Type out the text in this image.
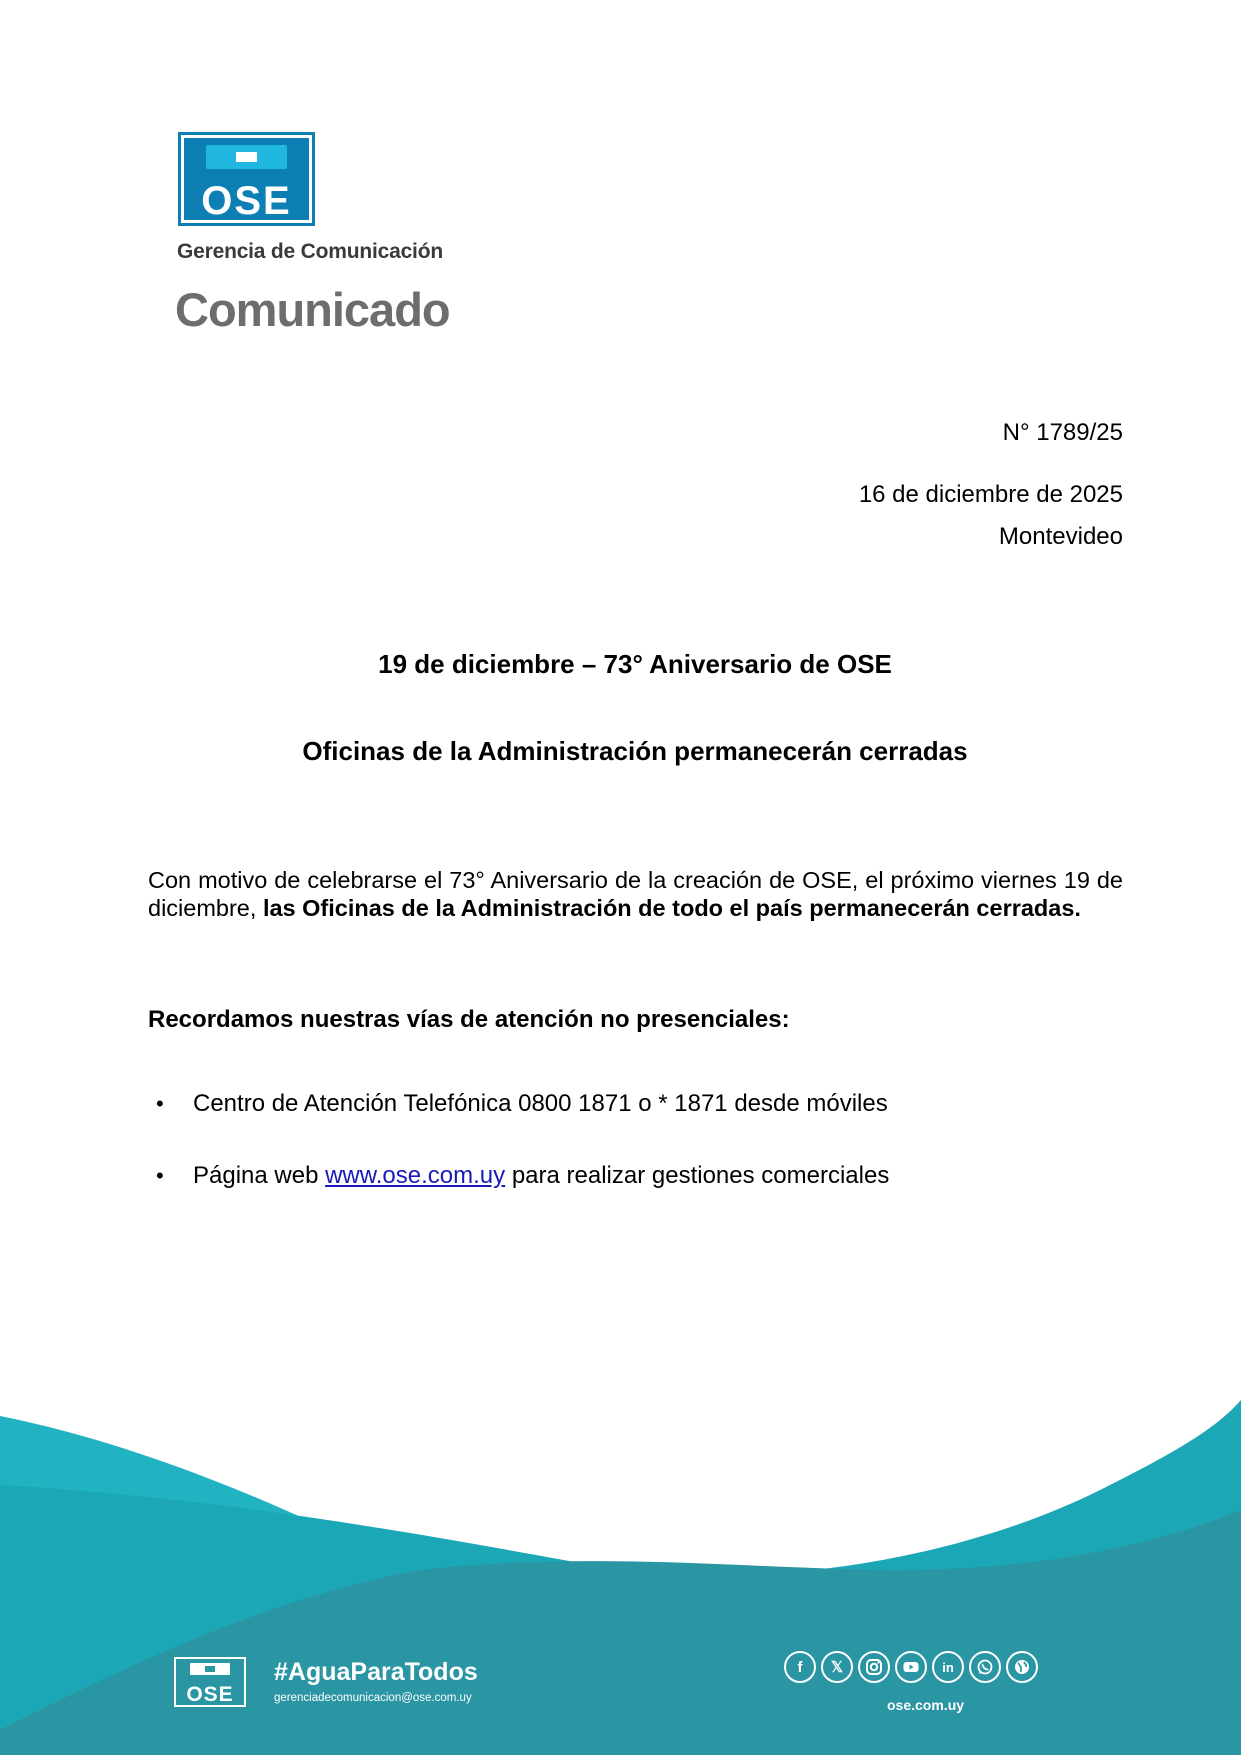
OSE
Gerencia de Comunicación
Comunicado
N° 1789/25
16 de diciembre de 2025
Montevideo
19 de diciembre – 73° Aniversario de OSE
Oficinas de la Administración permanecerán cerradas
Con motivo de celebrarse el 73° Aniversario de la creación de OSE, el próximo viernes 19 de diciembre, las Oficinas de la Administración de todo el país permanecerán cerradas.
Recordamos nuestras vías de atención no presenciales:
• Centro de Atención Telefónica 0800 1871 o * 1871 desde móviles
• Página web www.ose.com.uy para realizar gestiones comerciales
OSE
#AguaParaTodos
gerenciadecomunicacion@ose.com.uy
f	𝕏	in
ose.com.uy
